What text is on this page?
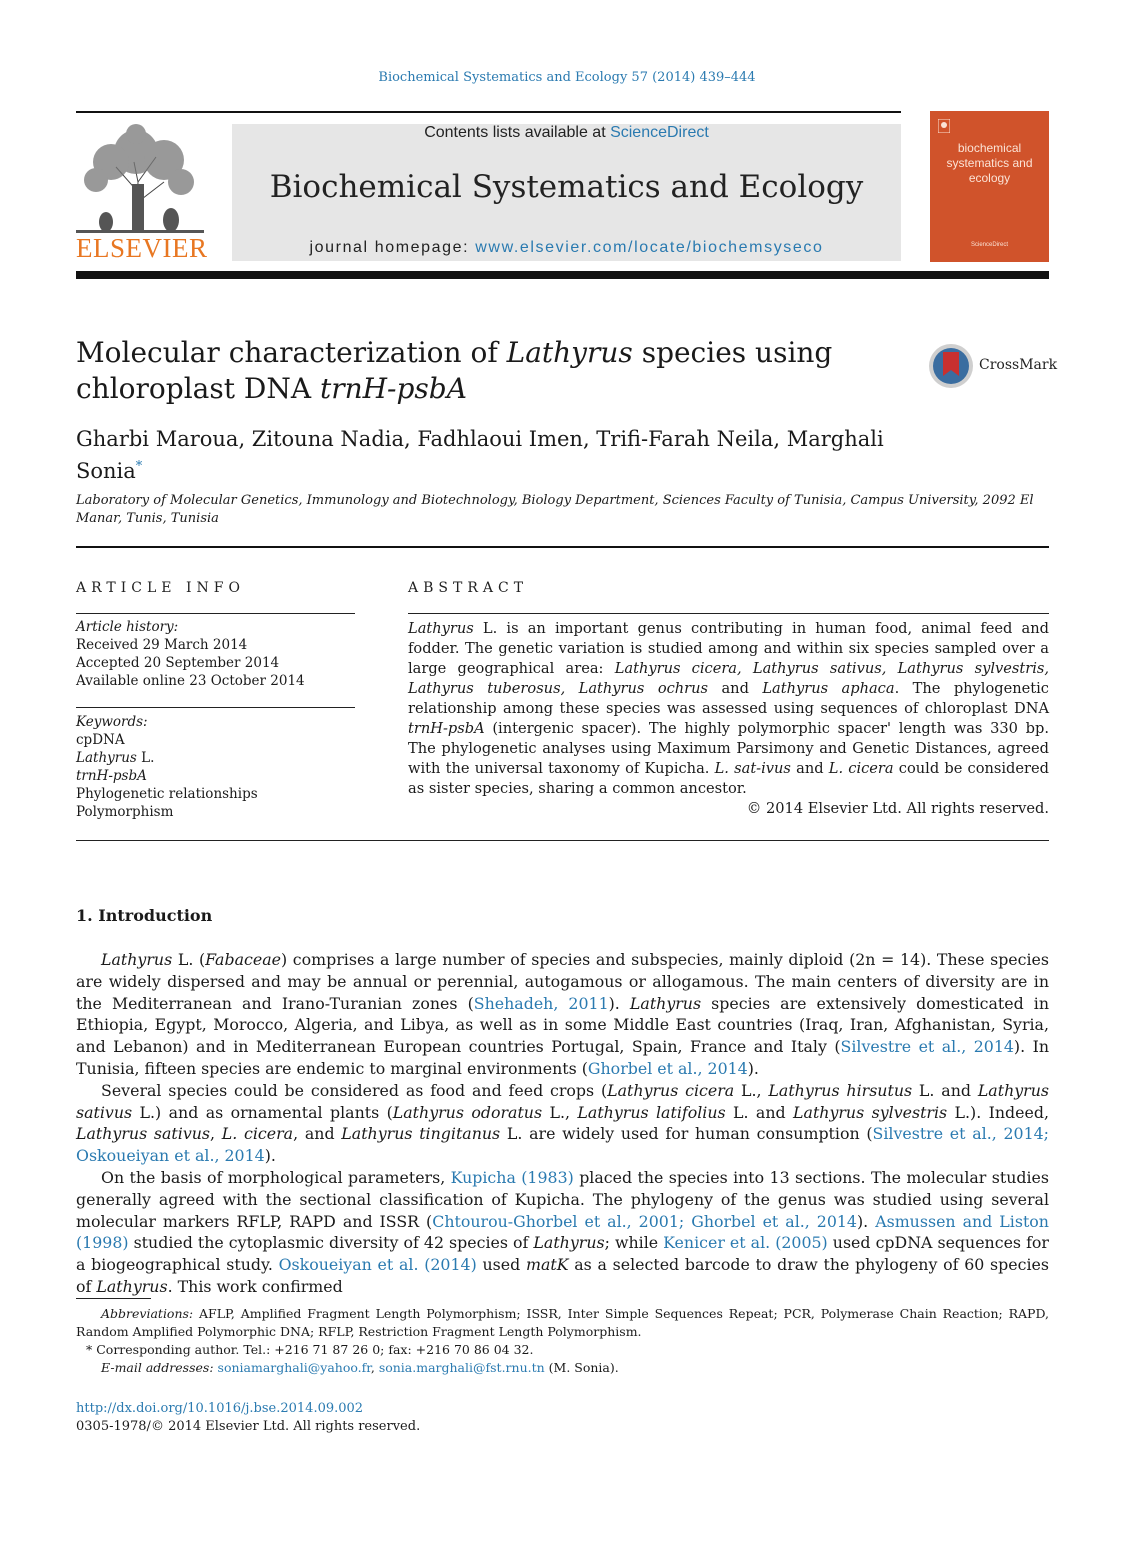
Biochemical Systematics and Ecology 57 (2014) 439–444
ELSEVIER
Contents lists available at ScienceDirect
Biochemical Systematics and Ecology
journal homepage: www.elsevier.com/locate/biochemsyseco
biochemical systematics and ecology
ScienceDirect
Molecular characterization of Lathyrus species using chloroplast DNA trnH-psbA
CrossMark
Gharbi Maroua, Zitouna Nadia, Fadhlaoui Imen, Trifi-Farah Neila, Marghali Sonia*
Laboratory of Molecular Genetics, Immunology and Biotechnology, Biology Department, Sciences Faculty of Tunisia, Campus University, 2092 El Manar, Tunis, Tunisia
ARTICLE INFO
Article history:
Received 29 March 2014
Accepted 20 September 2014
Available online 23 October 2014
Keywords:
cpDNA
Lathyrus L.
trnH-psbA
Phylogenetic relationships
Polymorphism
ABSTRACT
Lathyrus L. is an important genus contributing in human food, animal feed and fodder. The genetic variation is studied among and within six species sampled over a large geographical area: Lathyrus cicera, Lathyrus sativus, Lathyrus sylvestris, Lathyrus tuberosus, Lathyrus ochrus and Lathyrus aphaca. The phylogenetic relationship among these species was assessed using sequences of chloroplast DNA trnH-psbA (intergenic spacer). The highly polymorphic spacer' length was 330 bp. The phylogenetic analyses using Maximum Parsimony and Genetic Distances, agreed with the universal taxonomy of Kupicha. L. sat-ivus and L. cicera could be considered as sister species, sharing a common ancestor.
© 2014 Elsevier Ltd. All rights reserved.
1. Introduction

Lathyrus L. (Fabaceae) comprises a large number of species and subspecies, mainly diploid (2n = 14). These species are widely dispersed and may be annual or perennial, autogamous or allogamous. The main centers of diversity are in the Mediterranean and Irano-Turanian zones (Shehadeh, 2011). Lathyrus species are extensively domesticated in Ethiopia, Egypt, Morocco, Algeria, and Libya, as well as in some Middle East countries (Iraq, Iran, Afghanistan, Syria, and Lebanon) and in Mediterranean European countries Portugal, Spain, France and Italy (Silvestre et al., 2014). In Tunisia, fifteen species are endemic to marginal environments (Ghorbel et al., 2014).

Several species could be considered as food and feed crops (Lathyrus cicera L., Lathyrus hirsutus L. and Lathyrus sativus L.) and as ornamental plants (Lathyrus odoratus L., Lathyrus latifolius L. and Lathyrus sylvestris L.). Indeed, Lathyrus sativus, L. cicera, and Lathyrus tingitanus L. are widely used for human consumption (Silvestre et al., 2014; Oskoueiyan et al., 2014).

On the basis of morphological parameters, Kupicha (1983) placed the species into 13 sections. The molecular studies generally agreed with the sectional classification of Kupicha. The phylogeny of the genus was studied using several molecular markers RFLP, RAPD and ISSR (Chtourou-Ghorbel et al., 2001; Ghorbel et al., 2014). Asmussen and Liston (1998) studied the cytoplasmic diversity of 42 species of Lathyrus; while Kenicer et al. (2005) used cpDNA sequences for a biogeographical study. Oskoueiyan et al. (2014) used matK as a selected barcode to draw the phylogeny of 60 species of Lathyrus. This work confirmed

Abbreviations: AFLP, Amplified Fragment Length Polymorphism; ISSR, Inter Simple Sequences Repeat; PCR, Polymerase Chain Reaction; RAPD, Random Amplified Polymorphic DNA; RFLP, Restriction Fragment Length Polymorphism.

* Corresponding author. Tel.: +216 71 87 26 0; fax: +216 70 86 04 32.

E-mail addresses: soniamarghali@yahoo.fr, sonia.marghali@fst.rnu.tn (M. Sonia).

http://dx.doi.org/10.1016/j.bse.2014.09.002
0305-1978/© 2014 Elsevier Ltd. All rights reserved.
